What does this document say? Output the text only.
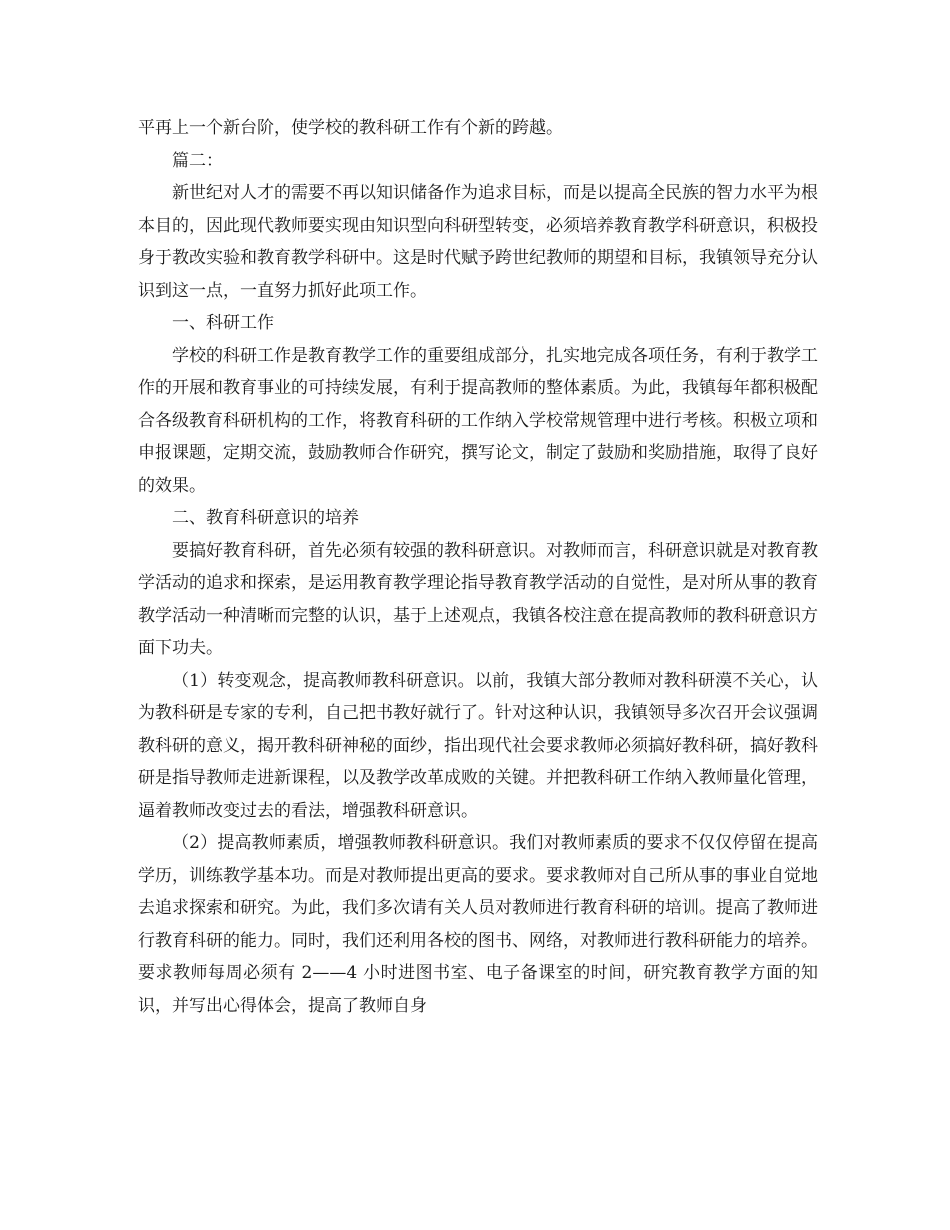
平再上一个新台阶，使学校的教科研工作有个新的跨越。

篇二：

新世纪对人才的需要不再以知识储备作为追求目标，而是以提高全民族的智力水平为根本目的，因此现代教师要实现由知识型向科研型转变，必须培养教育教学科研意识，积极投身于教改实验和教育教学科研中。这是时代赋予跨世纪教师的期望和目标，我镇领导充分认识到这一点，一直努力抓好此项工作。

一、科研工作

学校的科研工作是教育教学工作的重要组成部分，扎实地完成各项任务，有利于教学工作的开展和教育事业的可持续发展，有利于提高教师的整体素质。为此，我镇每年都积极配合各级教育科研机构的工作，将教育科研的工作纳入学校常规管理中进行考核。积极立项和申报课题，定期交流，鼓励教师合作研究，撰写论文，制定了鼓励和奖励措施，取得了良好的效果。

二、教育科研意识的培养

要搞好教育科研，首先必须有较强的教科研意识。对教师而言，科研意识就是对教育教学活动的追求和探索，是运用教育教学理论指导教育教学活动的自觉性，是对所从事的教育教学活动一种清晰而完整的认识，基于上述观点，我镇各校注意在提高教师的教科研意识方面下功夫。

（1）转变观念，提高教师教科研意识。以前，我镇大部分教师对教科研漠不关心，认为教科研是专家的专利，自己把书教好就行了。针对这种认识，我镇领导多次召开会议强调教科研的意义，揭开教科研神秘的面纱，指出现代社会要求教师必须搞好教科研，搞好教科研是指导教师走进新课程，以及教学改革成败的关键。并把教科研工作纳入教师量化管理，逼着教师改变过去的看法，增强教科研意识。

（2）提高教师素质，增强教师教科研意识。我们对教师素质的要求不仅仅停留在提高学历，训练教学基本功。而是对教师提出更高的要求。要求教师对自己所从事的事业自觉地去追求探索和研究。为此，我们多次请有关人员对教师进行教育科研的培训。提高了教师进行教育科研的能力。同时，我们还利用各校的图书、网络，对教师进行教科研能力的培养。要求教师每周必须有 2——4 小时进图书室、电子备课室的时间，研究教育教学方面的知识，并写出心得体会，提高了教师自身
